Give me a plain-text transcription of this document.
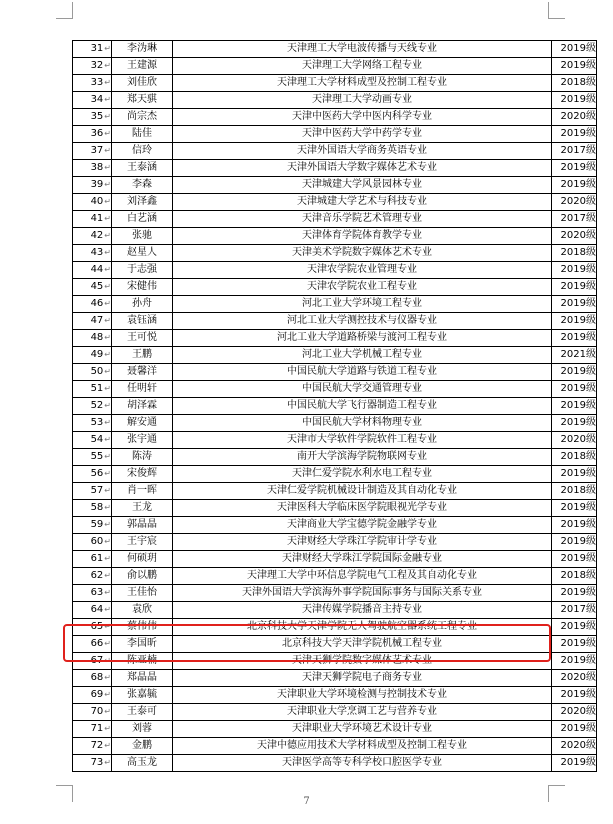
31↵	李沩琳	天津理工大学电波传播与天线专业	2019级
32↵	王建源	天津理工大学网络工程专业	2019级
33↵	刘佳欣	天津理工大学材料成型及控制工程专业	2018级
34↵	郑天骐	天津理工大学动画专业	2019级
35↵	尚宗杰	天津中医药大学中医内科学专业	2020级
36↵	陆佳	天津中医药大学中药学专业	2019级
37↵	信玲	天津外国语大学商务英语专业	2017级
38↵	王泰涵	天津外国语大学数字媒体艺术专业	2019级
39↵	李森	天津城建大学风景园林专业	2019级
40↵	刘泽鑫	天津城建大学艺术与科技专业	2020级
41↵	白艺涵	天津音乐学院艺术管理专业	2017级
42↵	张驰	天津体育学院体育教学专业	2020级
43↵	赵星人	天津美术学院数字媒体艺术专业	2018级
44↵	于志强	天津农学院农业管理专业	2019级
45↵	宋健伟	天津农学院农业工程专业	2019级
46↵	孙舟	河北工业大学环境工程专业	2019级
47↵	袁钰涵	河北工业大学测控技术与仪器专业	2019级
48↵	王可悦	河北工业大学道路桥梁与渡河工程专业	2019级
49↵	王鹏	河北工业大学机械工程专业	2021级
50↵	聂馨洋	中国民航大学道路与铁道工程专业	2019级
51↵	任明轩	中国民航大学交通管理专业	2019级
52↵	胡泽霖	中国民航大学飞行器制造工程专业	2019级
53↵	解安通	中国民航大学材料物理专业	2019级
54↵	张宇通	天津市大学软件学院软件工程专业	2020级
55↵	陈涛	南开大学滨海学院物联网专业	2018级
56↵	宋俊辉	天津仁爱学院水利水电工程专业	2019级
57↵	肖一晖	天津仁爱学院机械设计制造及其自动化专业	2018级
58↵	王龙	天津医科大学临床医学院眼视光学专业	2019级
59↵	郭晶晶	天津商业大学宝德学院金融学专业	2019级
60↵	王宇宸	天津财经大学珠江学院审计学专业	2019级
61↵	何硕玥	天津财经大学珠江学院国际金融专业	2019级
62↵	俞以鹏	天津理工大学中环信息学院电气工程及其自动化专业	2018级
63↵	王佳怡	天津外国语大学滨海外事学院国际事务与国际关系专业	2019级
64↵	袁欣	天津传媒学院播音主持专业	2017级
65↵	蔡伟伟	北京科技大学天津学院无人驾驶航空器系统工程专业	2019级
66↵	李国昕	北京科技大学天津学院机械工程专业	2019级
67↵	陈亚楠	天津天狮学院数字媒体艺术专业	2019级
68↵	郑晶晶	天津天狮学院电子商务专业	2020级
69↵	张嘉毓	天津职业大学环境检测与控制技术专业	2019级
70↵	王泰可	天津职业大学烹调工艺与营养专业	2020级
71↵	刘蓉	天津职业大学环境艺术设计专业	2019级
72↵	金鹏	天津中德应用技术大学材料成型及控制工程专业	2020级
73↵	高玉龙	天津医学高等专科学校口腔医学专业	2019级
7
